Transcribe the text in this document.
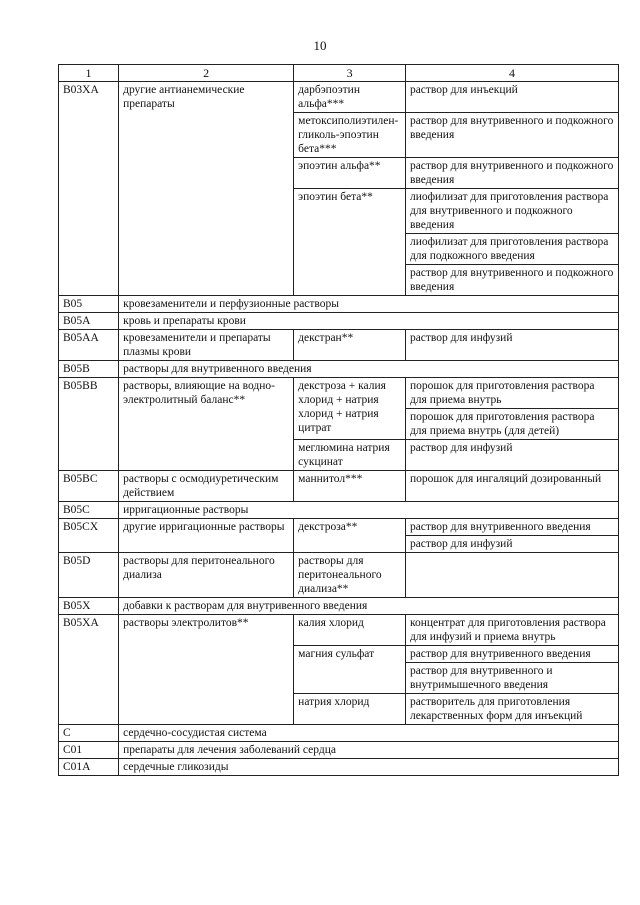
10
1	2	3	4
B03XA	другие антианемические препараты	дарбэпоэтин альфа***	раствор для инъекций
		метоксиполиэтилен-гликоль-эпоэтин бета***	раствор для внутривенного и подкожного введения
		эпоэтин альфа**	раствор для внутривенного и подкожного введения
		эпоэтин бета**	лиофилизат для приготовления раствора для внутривенного и подкожного введения
			лиофилизат для приготовления раствора для подкожного введения
			раствор для внутривенного и подкожного введения
B05	кровезаменители и перфузионные растворы		
B05A	кровь и препараты крови		
B05AA	кровезаменители и препараты плазмы крови	декстран**	раствор для инфузий
B05B	растворы для внутривенного введения		
B05BB	растворы, влияющие на водно-электролитный баланс**	декстроза + калия хлорид + натрия хлорид + натрия цитрат	порошок для приготовления раствора для приема внутрь
			порошок для приготовления раствора для приема внутрь (для детей)
		меглюмина натрия сукцинат	раствор для инфузий
B05BC	растворы с осмодиуретическим действием	маннитол***	порошок для ингаляций дозированный
B05C	ирригационные растворы		
B05CX	другие ирригационные растворы	декстроза**	раствор для внутривенного введения
			раствор для инфузий
B05D	растворы для перитонеального диализа	растворы для перитонеального диализа**	
B05X	добавки к растворам для внутривенного введения		
B05XA	растворы электролитов**	калия хлорид	концентрат для приготовления раствора для инфузий и приема внутрь
		магния сульфат	раствор для внутривенного введения
			раствор для внутривенного и внутримышечного введения
		натрия хлорид	растворитель для приготовления лекарственных форм для инъекций
C	сердечно-сосудистая система		
C01	препараты для лечения заболеваний сердца		
C01A	сердечные гликозиды		
